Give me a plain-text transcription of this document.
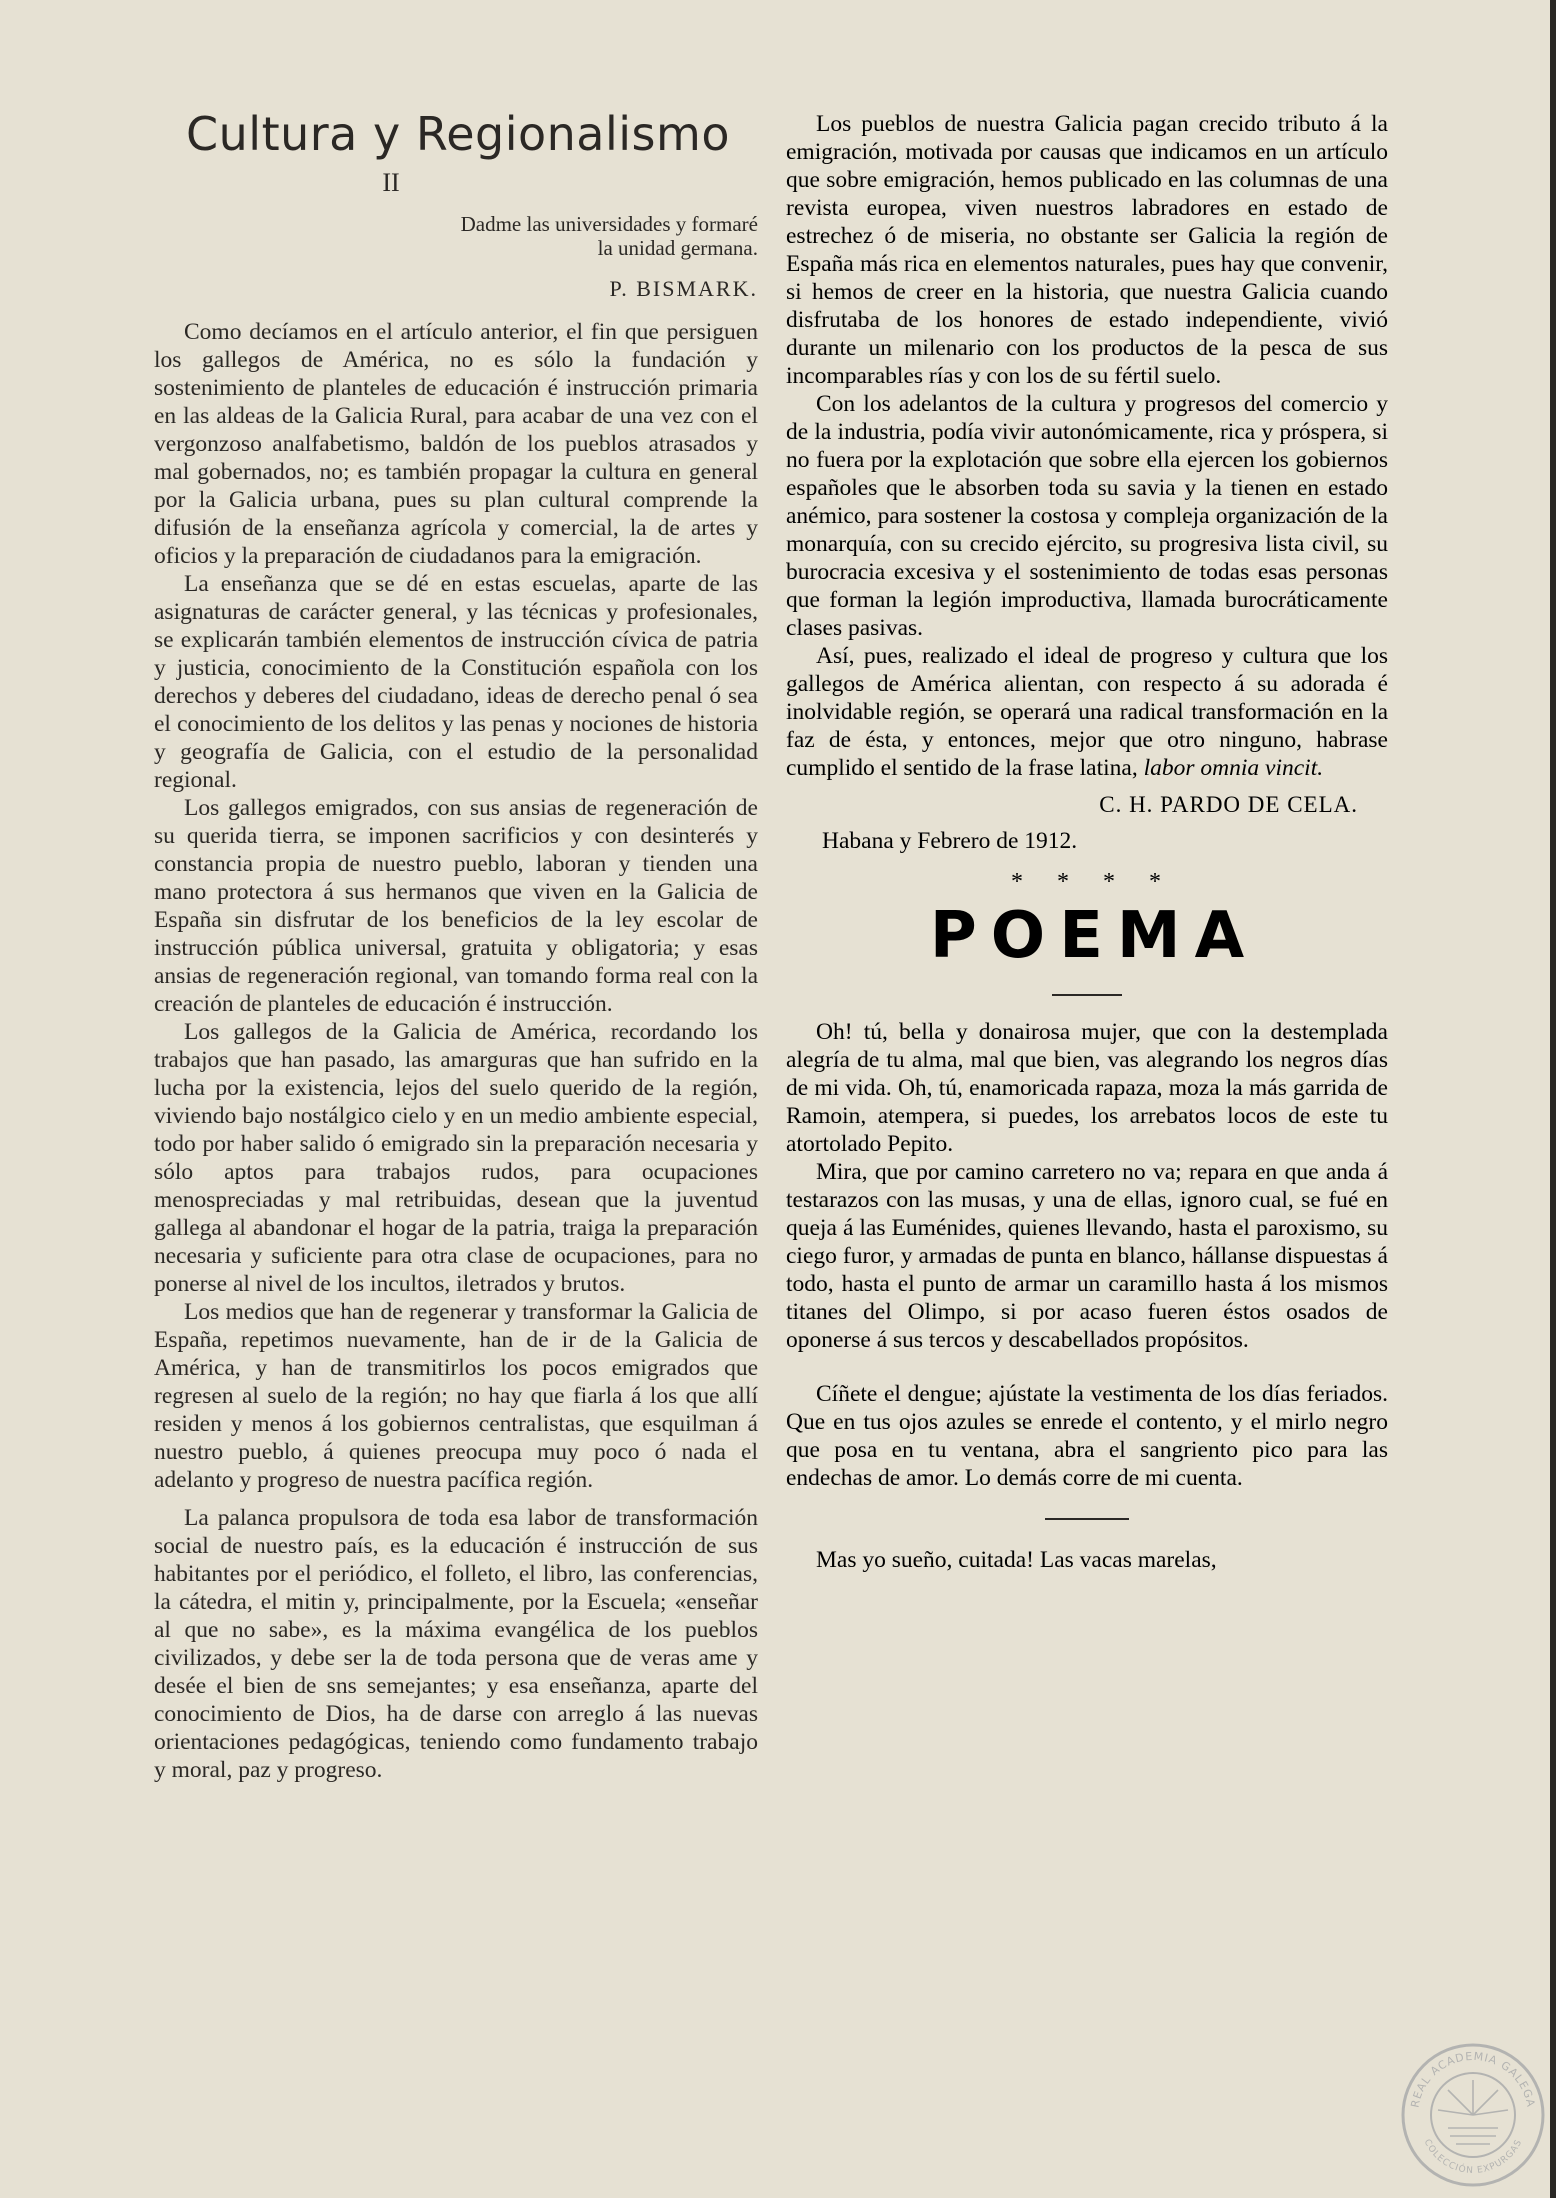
Cultura y Regionalismo
II

Dadme las universidades y formaré la unidad germana.

P. BISMARK.

Como decíamos en el artículo anterior, el fin que persiguen los gallegos de América, no es sólo la fundación y sostenimiento de planteles de educación é instrucción primaria en las aldeas de la Galicia Rural, para acabar de una vez con el vergonzoso analfabetismo, baldón de los pueblos atrasados y mal gobernados, no; es también propagar la cultura en general por la Galicia urbana, pues su plan cultural comprende la difusión de la enseñanza agrícola y comercial, la de artes y oficios y la preparación de ciudadanos para la emigración.

La enseñanza que se dé en estas escuelas, aparte de las asignaturas de carácter general, y las técnicas y profesionales, se explicarán también elementos de instrucción cívica de patria y justicia, conocimiento de la Constitución española con los derechos y deberes del ciudadano, ideas de derecho penal ó sea el conocimiento de los delitos y las penas y nociones de historia y geografía de Galicia, con el estudio de la personalidad regional.

Los gallegos emigrados, con sus ansias de regeneración de su querida tierra, se imponen sacrificios y con desinterés y constancia propia de nuestro pueblo, laboran y tienden una mano protectora á sus hermanos que viven en la Galicia de España sin disfrutar de los beneficios de la ley escolar de instrucción pública universal, gratuita y obligatoria; y esas ansias de regeneración regional, van tomando forma real con la creación de planteles de educación é instrucción.

Los gallegos de la Galicia de América, recordando los trabajos que han pasado, las amarguras que han sufrido en la lucha por la existencia, lejos del suelo querido de la región, viviendo bajo nostálgico cielo y en un medio ambiente especial, todo por haber salido ó emigrado sin la preparación necesaria y sólo aptos para trabajos rudos, para ocupaciones menospreciadas y mal retribuidas, desean que la juventud gallega al abandonar el hogar de la patria, traiga la preparación necesaria y suficiente para otra clase de ocupaciones, para no ponerse al nivel de los incultos, iletrados y brutos.

Los medios que han de regenerar y transformar la Galicia de España, repetimos nuevamente, han de ir de la Galicia de América, y han de transmitirlos los pocos emigrados que regresen al suelo de la región; no hay que fiarla á los que allí residen y menos á los gobiernos centralistas, que esquilman á nuestro pueblo, á quienes preocupa muy poco ó nada el adelanto y progreso de nuestra pacífica región.

La palanca propulsora de toda esa labor de transformación social de nuestro país, es la educación é instrucción de sus habitantes por el periódico, el folleto, el libro, las conferencias, la cátedra, el mitin y, principalmente, por la Escuela; «enseñar al que no sabe», es la máxima evangélica de los pueblos civilizados, y debe ser la de toda persona que de veras ame y desée el bien de sns semejantes; y esa enseñanza, aparte del conocimiento de Dios, ha de darse con arreglo á las nuevas orientaciones pedagógicas, teniendo como fundamento trabajo y moral, paz y progreso.

Los pueblos de nuestra Galicia pagan crecido tributo á la emigración, motivada por causas que indicamos en un artículo que sobre emigración, hemos publicado en las columnas de una revista europea, viven nuestros labradores en estado de estrechez ó de miseria, no obstante ser Galicia la región de España más rica en elementos naturales, pues hay que convenir, si hemos de creer en la historia, que nuestra Galicia cuando disfrutaba de los honores de estado independiente, vivió durante un milenario con los productos de la pesca de sus incomparables rías y con los de su fértil suelo.

Con los adelantos de la cultura y progresos del comercio y de la industria, podía vivir autonómicamente, rica y próspera, si no fuera por la explotación que sobre ella ejercen los gobiernos españoles que le absorben toda su savia y la tienen en estado anémico, para sostener la costosa y compleja organización de la monarquía, con su crecido ejército, su progresiva lista civil, su burocracia excesiva y el sostenimiento de todas esas personas que forman la legión improductiva, llamada burocráticamente clases pasivas.

Así, pues, realizado el ideal de progreso y cultura que los gallegos de América alientan, con respecto á su adorada é inolvidable región, se operará una radical transformación en la faz de ésta, y entonces, mejor que otro ninguno, habrase cumplido el sentido de la frase latina, labor omnia vincit.

C. H. PARDO DE CELA.

Habana y Febrero de 1912.

* * * *
POEMA

Oh! tú, bella y donairosa mujer, que con la destemplada alegría de tu alma, mal que bien, vas alegrando los negros días de mi vida. Oh, tú, enamoricada rapaza, moza la más garrida de Ramoin, atempera, si puedes, los arrebatos locos de este tu atortolado Pepito.

Mira, que por camino carretero no va; repara en que anda á testarazos con las musas, y una de ellas, ignoro cual, se fué en queja á las Euménides, quienes llevando, hasta el paroxismo, su ciego furor, y armadas de punta en blanco, hállanse dispuestas á todo, hasta el punto de armar un caramillo hasta á los mismos titanes del Olimpo, si por acaso fueren éstos osados de oponerse á sus tercos y descabellados propósitos.

Cíñete el dengue; ajústate la vestimenta de los días feriados. Que en tus ojos azules se enrede el contento, y el mirlo negro que posa en tu ventana, abra el sangriento pico para las endechas de amor. Lo demás corre de mi cuenta.

Mas yo sueño, cuitada! Las vacas marelas,

REAL ACADEMIA GALEGA
COLECCIÓN EXPURGAS
